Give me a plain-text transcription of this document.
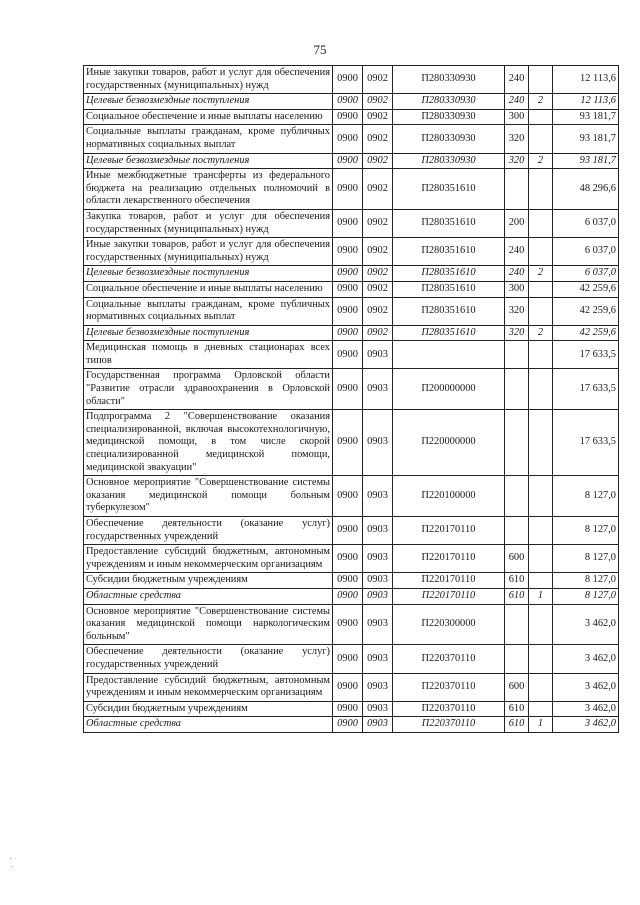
75
Иные закупки товаров, работ и услуг для обеспечения государственных (муниципальных) нужд	0900	0902	П280330930	240		12 113,6
Целевые безвозмездные поступления	0900	0902	П280330930	240	2	12 113,6
Социальное обеспечение и иные выплаты населению	0900	0902	П280330930	300		93 181,7
Социальные выплаты гражданам, кроме публичных нормативных социальных выплат	0900	0902	П280330930	320		93 181,7
Целевые безвозмездные поступления	0900	0902	П280330930	320	2	93 181,7
Иные межбюджетные трансферты из федерального бюджета на реализацию отдельных полномочий в области лекарственного обеспечения	0900	0902	П280351610			48 296,6
Закупка товаров, работ и услуг для обеспечения государственных (муниципальных) нужд	0900	0902	П280351610	200		6 037,0
Иные закупки товаров, работ и услуг для обеспечения государственных (муниципальных) нужд	0900	0902	П280351610	240		6 037,0
Целевые безвозмездные поступления	0900	0902	П280351610	240	2	6 037,0
Социальное обеспечение и иные выплаты населению	0900	0902	П280351610	300		42 259,6
Социальные выплаты гражданам, кроме публичных нормативных социальных выплат	0900	0902	П280351610	320		42 259,6
Целевые безвозмездные поступления	0900	0902	П280351610	320	2	42 259,6
Медицинская помощь в дневных стационарах всех типов	0900	0903				17 633,5
Государственная программа Орловской области "Развитие отрасли здравоохранения в Орловской области"	0900	0903	П200000000			17 633,5
Подпрограмма 2 "Совершенствование оказания специализированной, включая высокотехнологичную, медицинской помощи, в том числе скорой специализированной медицинской помощи, медицинской эвакуации"	0900	0903	П220000000			17 633,5
Основное мероприятие "Совершенствование системы оказания медицинской помощи больным туберкулезом"	0900	0903	П220100000			8 127,0
Обеспечение деятельности (оказание услуг) государственных учреждений	0900	0903	П220170110			8 127,0
Предоставление субсидий бюджетным, автономным учреждениям и иным некоммерческим организациям	0900	0903	П220170110	600		8 127,0
Субсидии бюджетным учреждениям	0900	0903	П220170110	610		8 127,0
Областные средства	0900	0903	П220170110	610	1	8 127,0
Основное мероприятие "Совершенствование системы оказания медицинской помощи наркологическим больным"	0900	0903	П220300000			3 462,0
Обеспечение деятельности (оказание услуг) государственных учреждений	0900	0903	П220370110			3 462,0
Предоставление субсидий бюджетным, автономным учреждениям и иным некоммерческим организациям	0900	0903	П220370110	600		3 462,0
Субсидии бюджетным учреждениям	0900	0903	П220370110	610		3 462,0
Областные средства	0900	0903	П220370110	610	1	3 462,0
